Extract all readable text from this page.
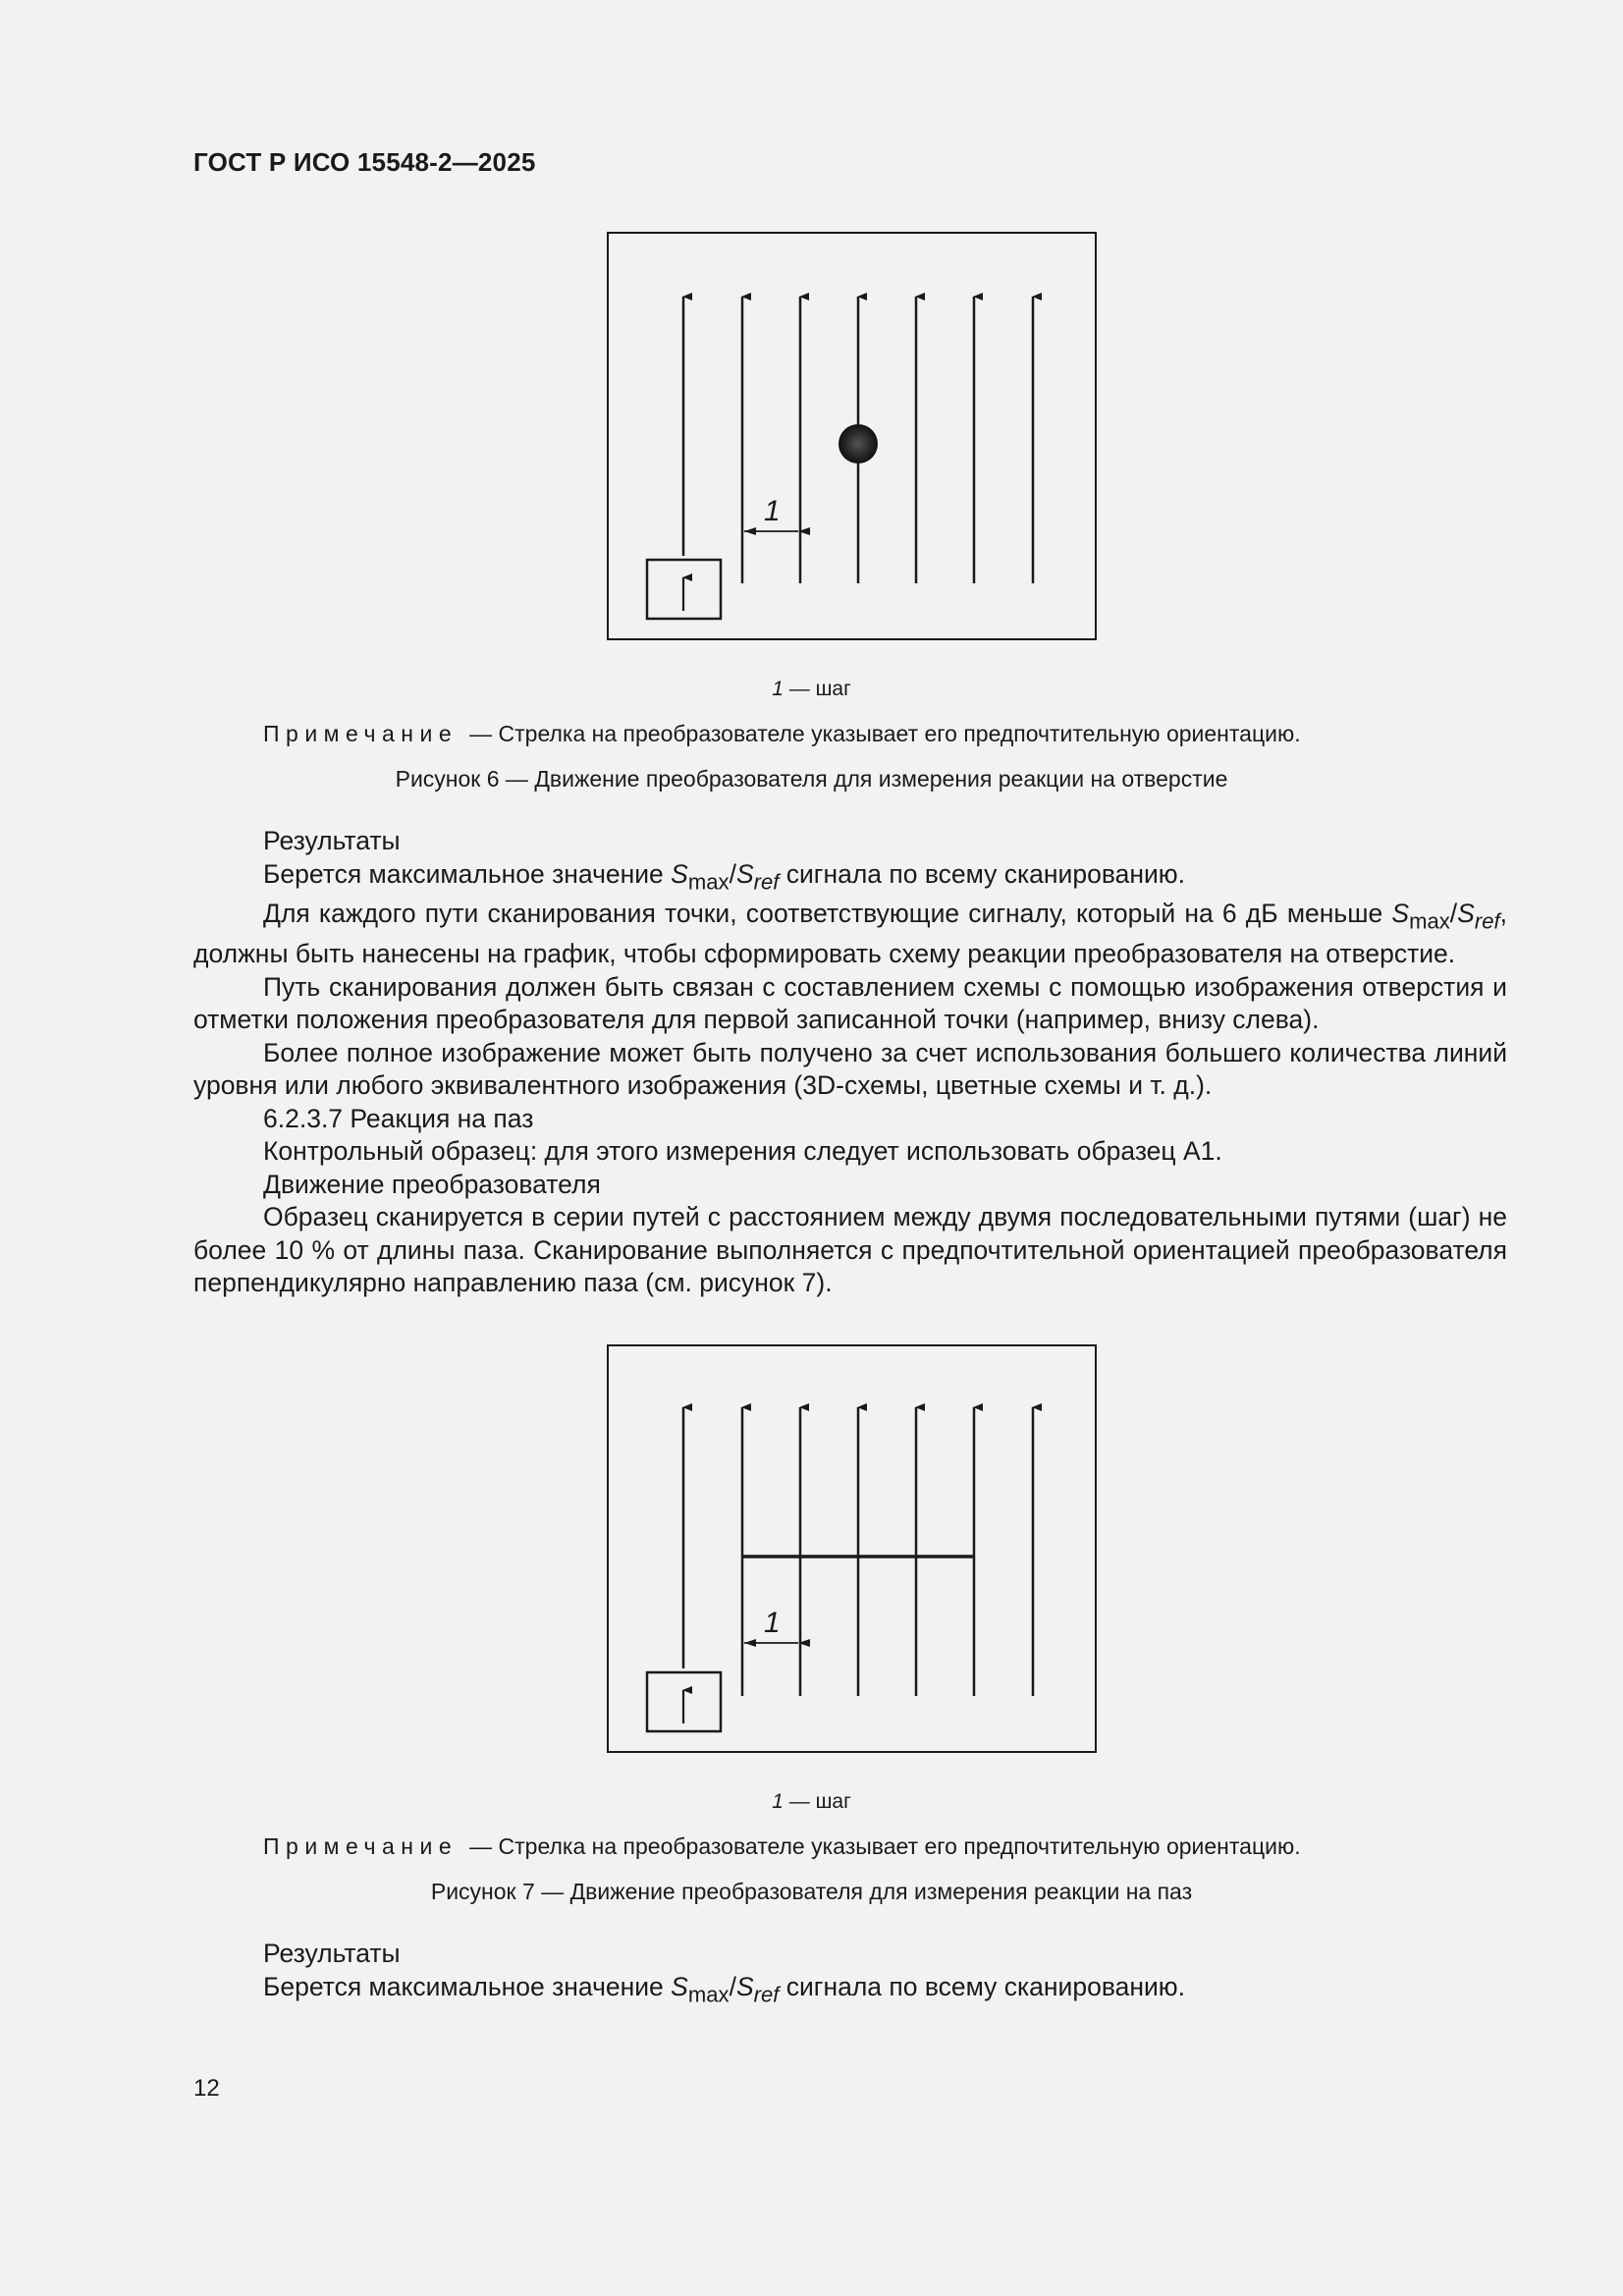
ГОСТ Р ИСО 15548-2—2025
1
1 — шаг
Примечание — Стрелка на преобразователе указывает его предпочтительную ориентацию.
Рисунок 6 — Движение преобразователя для измерения реакции на отверстие

Результаты

Берется максимальное значение $S_{max}/S_{ref}$ сигнала по всему сканированию.

Для каждого пути сканирования точки, соответствующие сигналу, который на 6 дБ меньше $S_{max}/S_{ref}$, должны быть нанесены на график, чтобы сформировать схему реакции преобразователя на отверстие.

Путь сканирования должен быть связан с составлением схемы с помощью изображения отверстия и отметки положения преобразователя для первой записанной точки (например, внизу слева).

Более полное изображение может быть получено за счет использования большего количества линий уровня или любого эквивалентного изображения (3D-схемы, цветные схемы и т. д.).

6.2.3.7 Реакция на паз

Контрольный образец: для этого измерения следует использовать образец А1.

Движение преобразователя

Образец сканируется в серии путей с расстоянием между двумя последовательными путями (шаг) не более 10 % от длины паза. Сканирование выполняется с предпочтительной ориентацией преобразователя перпендикулярно направлению паза (см. рисунок 7).

1
1 — шаг
Примечание — Стрелка на преобразователе указывает его предпочтительную ориентацию.
Рисунок 7 — Движение преобразователя для измерения реакции на паз

Результаты

Берется максимальное значение $S_{max}/S_{ref}$ сигнала по всему сканированию.

12
